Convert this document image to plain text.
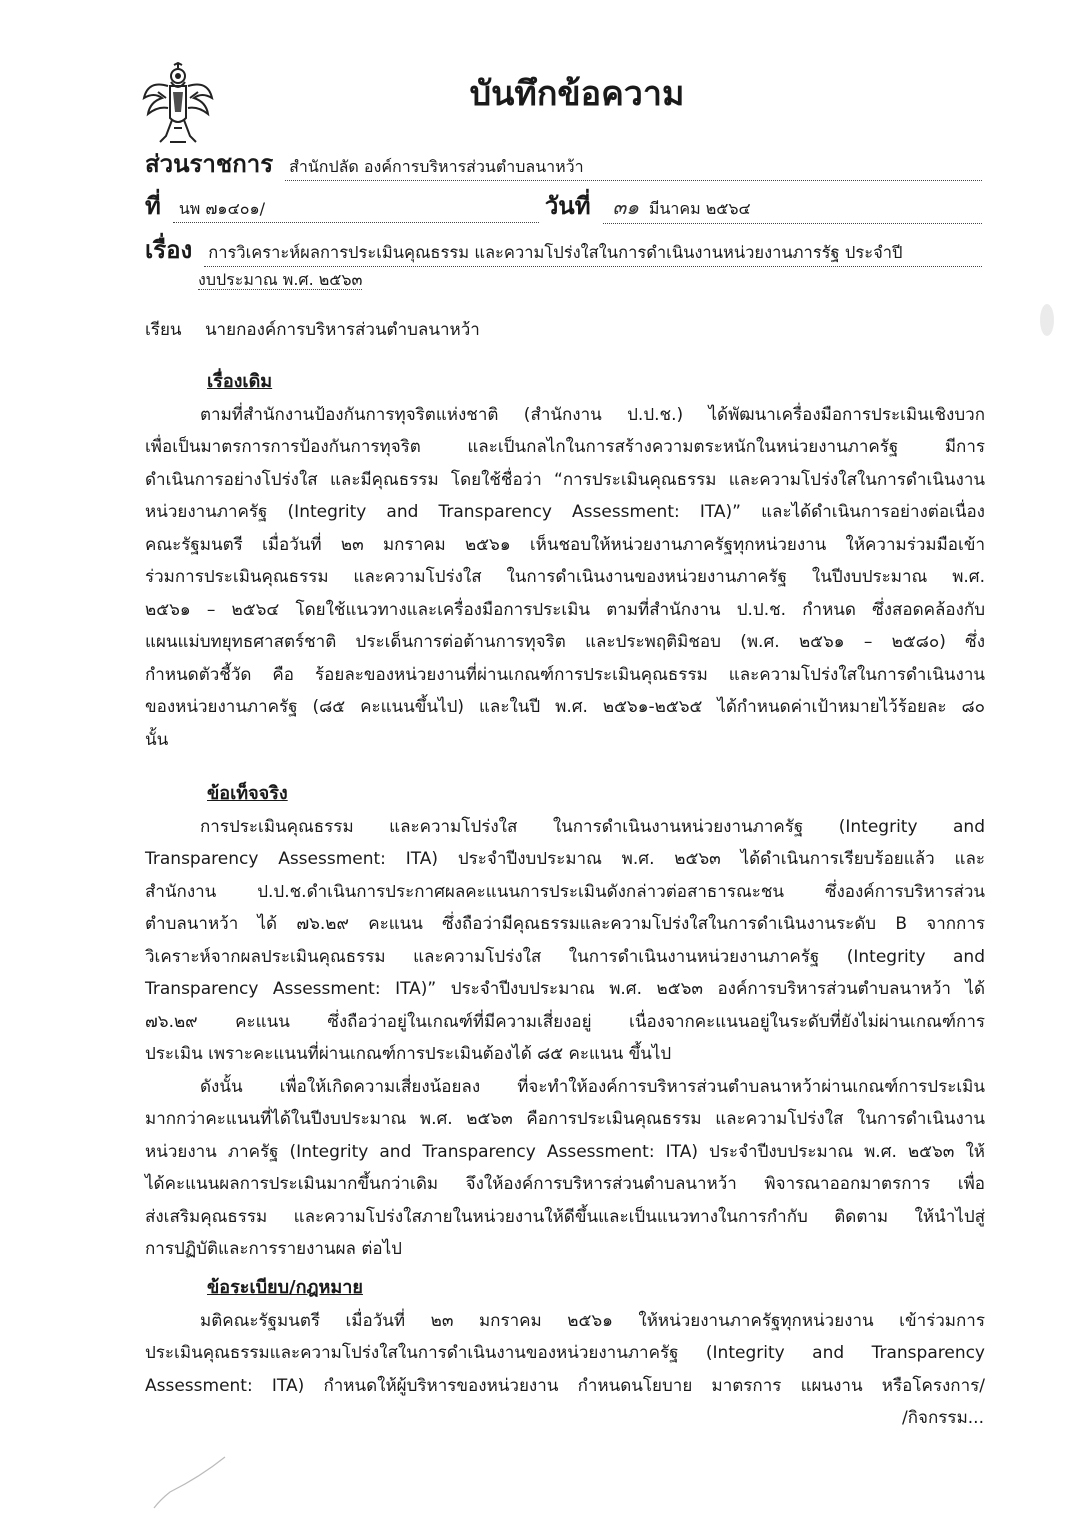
บันทึกข้อความ
ส่วนราชการ สำนักปลัด องค์การบริหารส่วนตำบลนาหว้า
ที่	นพ ๗๑๔๐๑/	วันที่	๓๑ มีนาคม ๒๕๖๔
เรื่อง การวิเคราะห์ผลการประเมินคุณธรรม และความโปร่งใสในการดำเนินงานหน่วยงานภารรัฐ ประจำปี
งบประมาณ พ.ศ. ๒๕๖๓
เรียน นายกองค์การบริหารส่วนตำบลนาหว้า
เรื่องเดิม
ตามที่สำนักงานป้องกันการทุจริตแห่งชาติ (สำนักงาน ป.ป.ช.) ได้พัฒนาเครื่องมือการประเมินเชิงบวก
เพื่อเป็นมาตรการการป้องกันการทุจริต และเป็นกลไกในการสร้างความตระหนักในหน่วยงานภาครัฐ มีการ
ดำเนินการอย่างโปร่งใส และมีคุณธรรม โดยใช้ชื่อว่า “การประเมินคุณธรรม และความโปร่งใสในการดำเนินงาน
หน่วยงานภาครัฐ (Integrity and Transparency Assessment: ITA)” และได้ดำเนินการอย่างต่อเนื่อง
คณะรัฐมนตรี เมื่อวันที่ ๒๓ มกราคม ๒๕๖๑ เห็นชอบให้หน่วยงานภาครัฐทุกหน่วยงาน ให้ความร่วมมือเข้า
ร่วมการประเมินคุณธรรม และความโปร่งใส ในการดำเนินงานของหน่วยงานภาครัฐ ในปีงบประมาณ พ.ศ.
๒๕๖๑ – ๒๕๖๔ โดยใช้แนวทางและเครื่องมือการประเมิน ตามที่สำนักงาน ป.ป.ช. กำหนด ซึ่งสอดคล้องกับ
แผนแม่บทยุทธศาสตร์ชาติ ประเด็นการต่อต้านการทุจริต และประพฤติมิชอบ (พ.ศ. ๒๕๖๑ – ๒๕๘๐) ซึ่ง
กำหนดตัวชี้วัด คือ ร้อยละของหน่วยงานที่ผ่านเกณฑ์การประเมินคุณธรรม และความโปร่งใสในการดำเนินงาน
ของหน่วยงานภาครัฐ (๘๕ คะแนนขึ้นไป) และในปี พ.ศ. ๒๕๖๑-๒๕๖๕ ได้กำหนดค่าเป้าหมายไว้ร้อยละ ๘๐
นั้น
ข้อเท็จจริง
การประเมินคุณธรรม และความโปร่งใส ในการดำเนินงานหน่วยงานภาครัฐ (Integrity and
Transparency Assessment: ITA) ประจำปีงบประมาณ พ.ศ. ๒๕๖๓ ได้ดำเนินการเรียบร้อยแล้ว และ
สำนักงาน ป.ป.ช.ดำเนินการประกาศผลคะแนนการประเมินดังกล่าวต่อสาธารณะชน ซึ่งองค์การบริหารส่วน
ตำบลนาหว้า ได้ ๗๖.๒๙ คะแนน ซึ่งถือว่ามีคุณธรรมและความโปร่งใสในการดำเนินงานระดับ B จากการ
วิเคราะห์จากผลประเมินคุณธรรม และความโปร่งใส ในการดำเนินงานหน่วยงานภาครัฐ (Integrity and
Transparency Assessment: ITA)” ประจำปีงบประมาณ พ.ศ. ๒๕๖๓ องค์การบริหารส่วนตำบลนาหว้า ได้
๗๖.๒๙ คะแนน ซึ่งถือว่าอยู่ในเกณฑ์ที่มีความเสี่ยงอยู่ เนื่องจากคะแนนอยู่ในระดับที่ยังไม่ผ่านเกณฑ์การ
ประเมิน เพราะคะแนนที่ผ่านเกณฑ์การประเมินต้องได้ ๘๕ คะแนน ขึ้นไป
ดังนั้น เพื่อให้เกิดความเสี่ยงน้อยลง ที่จะทำให้องค์การบริหารส่วนตำบลนาหว้าผ่านเกณฑ์การประเมิน
มากกว่าคะแนนที่ได้ในปีงบประมาณ พ.ศ. ๒๕๖๓ คือการประเมินคุณธรรม และความโปร่งใส ในการดำเนินงาน
หน่วยงาน ภาครัฐ (Integrity and Transparency Assessment: ITA) ประจำปีงบประมาณ พ.ศ. ๒๕๖๓ ให้
ได้คะแนนผลการประเมินมากขึ้นกว่าเดิม จึงให้องค์การบริหารส่วนตำบลนาหว้า พิจารณาออกมาตรการ เพื่อ
ส่งเสริมคุณธรรม และความโปร่งใสภายในหน่วยงานให้ดีขึ้นและเป็นแนวทางในการกำกับ ติดตาม ให้นำไปสู่
การปฏิบัติและการรายงานผล ต่อไป
ข้อระเบียบ/กฎหมาย
มติคณะรัฐมนตรี เมื่อวันที่ ๒๓ มกราคม ๒๕๖๑ ให้หน่วยงานภาครัฐทุกหน่วยงาน เข้าร่วมการ
ประเมินคุณธรรมและความโปร่งใสในการดำเนินงานของหน่วยงานภาครัฐ (Integrity and Transparency
Assessment: ITA) กำหนดให้ผู้บริหารของหน่วยงาน กำหนดนโยบาย มาตรการ แผนงาน หรือโครงการ/
/กิจกรรม...
